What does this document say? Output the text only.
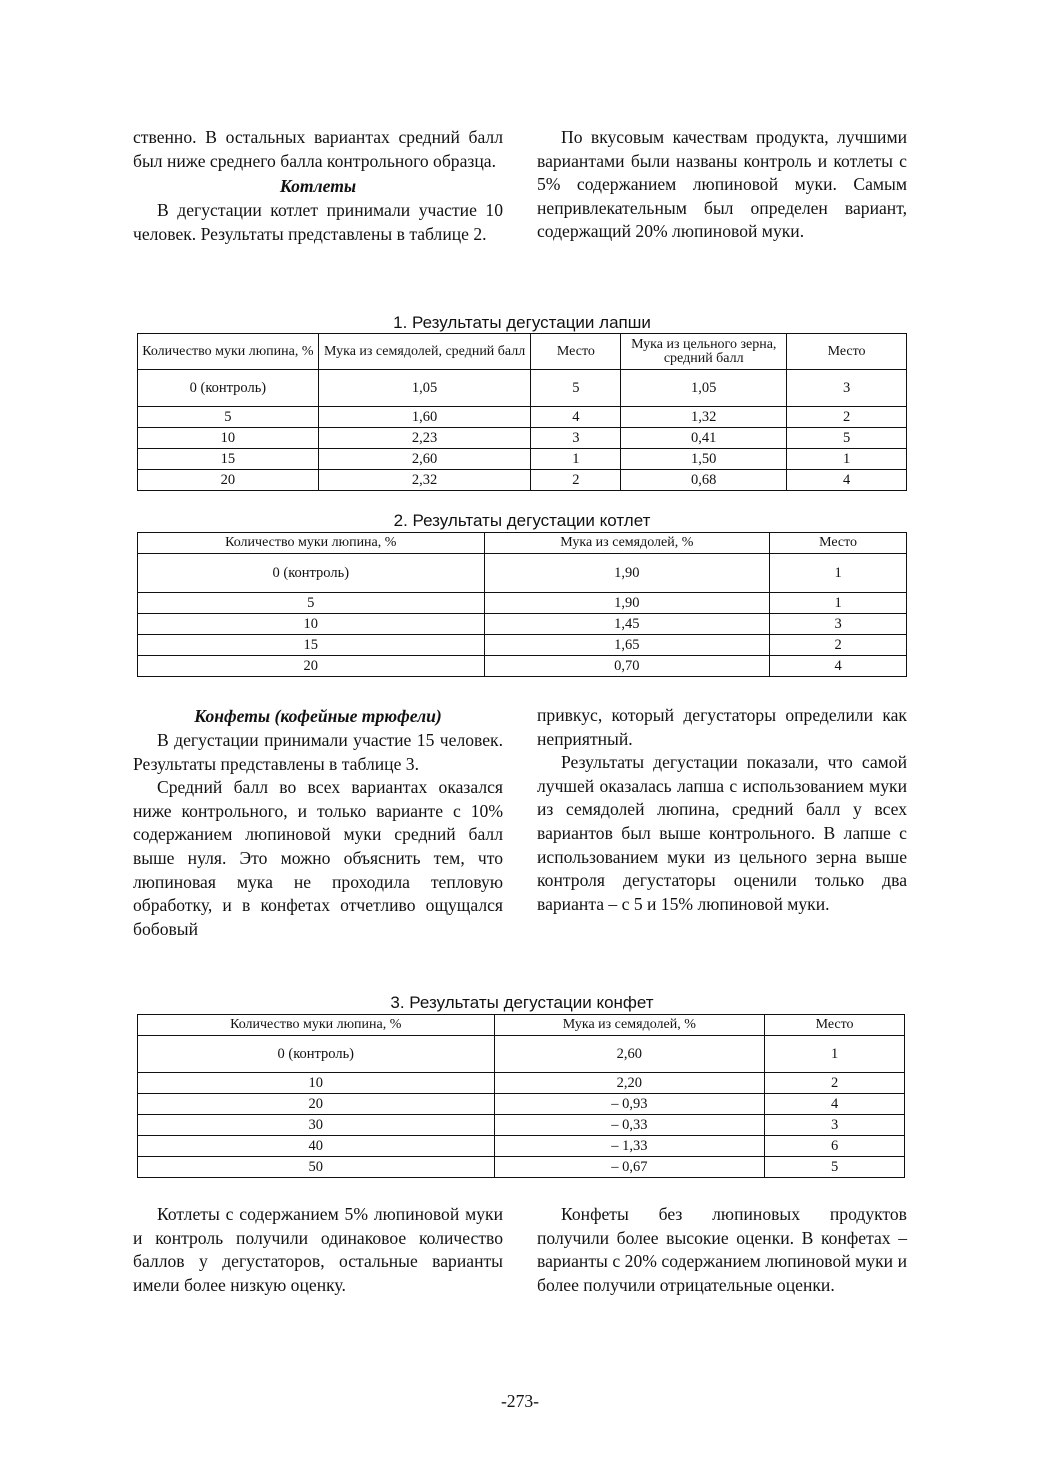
ственно. В остальных вариантах средний балл был ниже среднего балла контрольного образца.

Котлеты

В дегустации котлет принимали участие 10 человек. Результаты представлены в таблице 2.

По вкусовым качествам продукта, лучшими вариантами были названы контроль и котлеты с 5% содержанием люпиновой муки. Самым непривлекательным был определен вариант, содержащий 20% люпиновой муки.

1. Результаты дегустации лапши
Количество муки люпина, %	Мука из семядолей, средний балл	Место	Мука из цельного зерна, средний балл	Место
0 (контроль)	1,05	5	1,05	3
5	1,60	4	1,32	2
10	2,23	3	0,41	5
15	2,60	1	1,50	1
20	2,32	2	0,68	4
2. Результаты дегустации котлет
Количество муки люпина, %	Мука из семядолей, %	Место
0 (контроль)	1,90	1
5	1,90	1
10	1,45	3
15	1,65	2
20	0,70	4
Конфеты (кофейные трюфели)

В дегустации принимали участие 15 человек. Результаты представлены в таблице 3.

Средний балл во всех вариантах оказался ниже контрольного, и только варианте с 10% содержанием люпиновой муки средний балл выше нуля. Это можно объяснить тем, что люпиновая мука не проходила тепловую обработку, и в конфетах отчетливо ощущался бобовый

привкус, который дегустаторы определили как неприятный.

Результаты дегустации показали, что самой лучшей оказалась лапша с использованием муки из семядолей люпина, средний балл у всех вариантов был выше контрольного. В лапше с использованием муки из цельного зерна выше контроля дегустаторы оценили только два варианта – с 5 и 15% люпиновой муки.

3. Результаты дегустации конфет
Количество муки люпина, %	Мука из семядолей, %	Место
0 (контроль)	2,60	1
10	2,20	2
20	– 0,93	4
30	– 0,33	3
40	– 1,33	6
50	– 0,67	5

Котлеты с содержанием 5% люпиновой муки и контроль получили одинаковое количество баллов у дегустаторов, остальные варианты имели более низкую оценку.

Конфеты без люпиновых продуктов получили более высокие оценки. В конфетах – варианты с 20% содержанием люпиновой муки и более получили отрицательные оценки.

-273-
